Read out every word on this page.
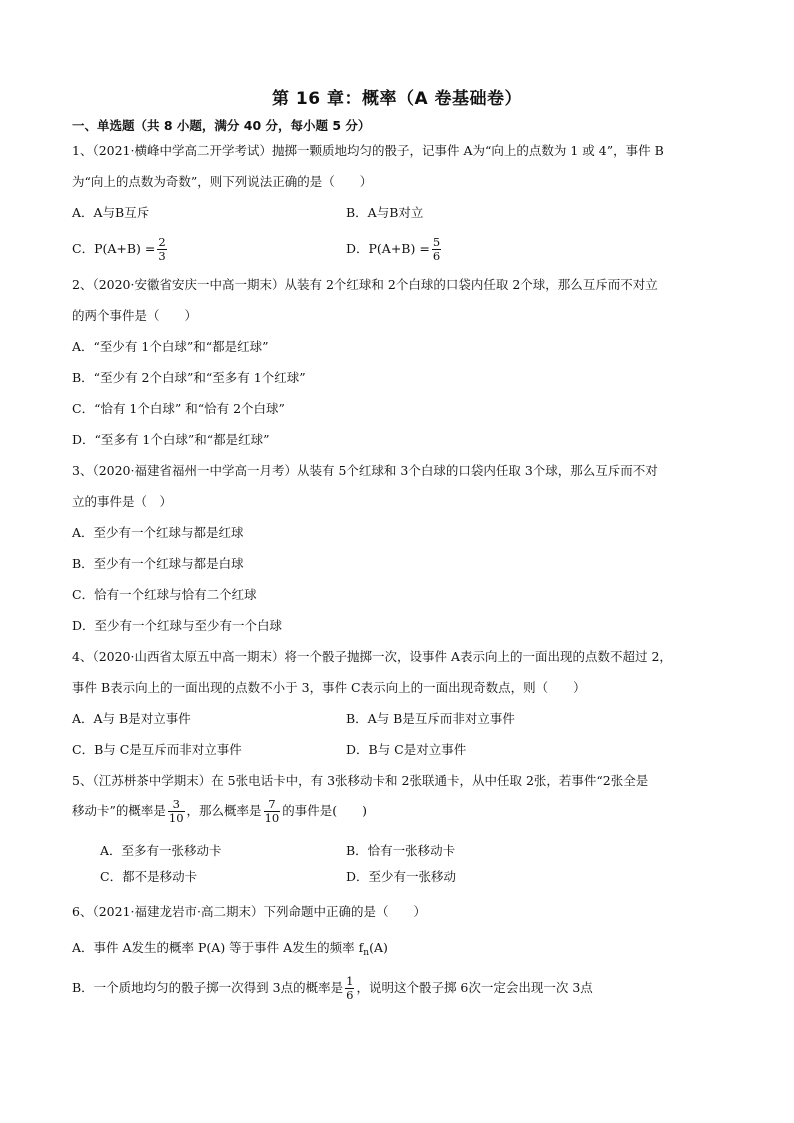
第 16 章：概率（A 卷基础卷）
一、单选题（共 8 小题，满分 40 分，每小题 5 分）
1、（2021·横峰中学高二开学考试）抛掷一颗质地均匀的骰子，记事件 A为“向上的点数为 1 或 4”，事件 B
为“向上的点数为奇数”，则下列说法正确的是（　　）
A．A与B互斥	B．A与B对立
C．$P(A+B) = \frac{2}{3}$	D．$P(A+B) = \frac{5}{6}$
2、（2020·安徽省安庆一中高一期末）从装有 2个红球和 2个白球的口袋内任取 2个球，那么互斥而不对立
的两个事件是（　　）
A．“至少有 1个白球”和“都是红球”
B．“至少有 2个白球”和“至多有 1个红球”
C．“恰有 1个白球” 和“恰有 2个白球”
D．“至多有 1个白球”和“都是红球”
3、（2020·福建省福州一中学高一月考）从装有 5个红球和 3个白球的口袋内任取 3个球，那么互斥而不对
立的事件是（　）
A．至少有一个红球与都是红球
B．至少有一个红球与都是白球
C．恰有一个红球与恰有二个红球
D．至少有一个红球与至少有一个白球
4、（2020·山西省太原五中高一期末）将一个骰子抛掷一次，设事件 A表示向上的一面出现的点数不超过 2，
事件 B表示向上的一面出现的点数不小于 3，事件 C表示向上的一面出现奇数点，则（　　）
A．A与 B是对立事件	B．A与 B是互斥而非对立事件
C．B与 C是互斥而非对立事件	D．B与 C是对立事件
5、（江苏栟茶中学期末）在 5张电话卡中，有 3张移动卡和 2张联通卡，从中任取 2张，若事件“2张全是
移动卡”的概率是 $\frac{3}{10}$ ，那么概率是 $\frac{7}{10}$ 的事件是(　　)
A．至多有一张移动卡	B．恰有一张移动卡
C．都不是移动卡	D．至少有一张移动
6、（2021·福建龙岩市·高二期末）下列命题中正确的是（　　）
A．事件 A发生的概率 P(A) 等于事件 A发生的频率 $f_n(A)$
B．一个质地均匀的骰子掷一次得到 3点的概率是 $\frac{1}{6}$ ，说明这个骰子掷 6次一定会出现一次 3点
